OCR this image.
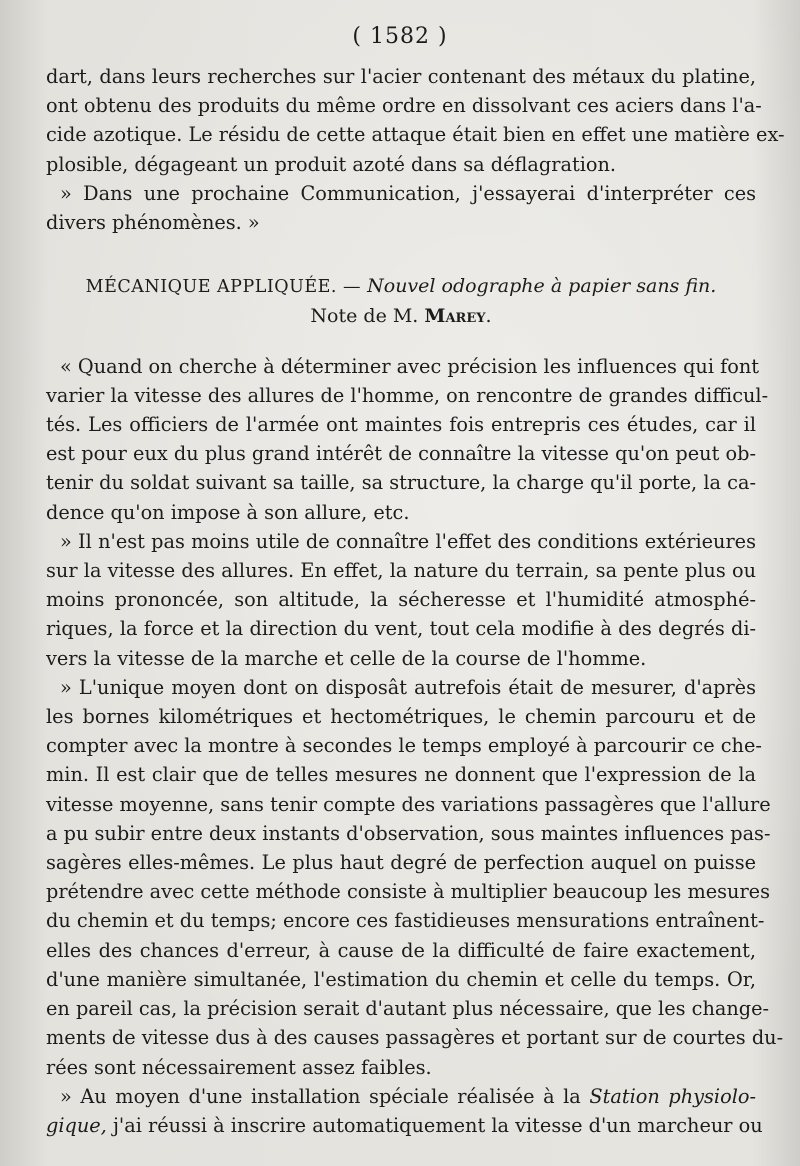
( 1582 )
dart, dans leurs recherches sur l'acier contenant des métaux du platine,
ont obtenu des produits du même ordre en dissolvant ces aciers dans l'a-
cide azotique. Le résidu de cette attaque était bien en effet une matière ex-
plosible, dégageant un produit azoté dans sa déflagration.
» Dans une prochaine Communication, j'essayerai d'interpréter ces
divers phénomènes. »
MÉCANIQUE APPLIQUÉE. — Nouvel odographe à papier sans fin.
Note de M. Marey.
« Quand on cherche à déterminer avec précision les influences qui font
varier la vitesse des allures de l'homme, on rencontre de grandes difficul-
tés. Les officiers de l'armée ont maintes fois entrepris ces études, car il
est pour eux du plus grand intérêt de connaître la vitesse qu'on peut ob-
tenir du soldat suivant sa taille, sa structure, la charge qu'il porte, la ca-
dence qu'on impose à son allure, etc.
» Il n'est pas moins utile de connaître l'effet des conditions extérieures
sur la vitesse des allures. En effet, la nature du terrain, sa pente plus ou
moins prononcée, son altitude, la sécheresse et l'humidité atmosphé-
riques, la force et la direction du vent, tout cela modifie à des degrés di-
vers la vitesse de la marche et celle de la course de l'homme.
» L'unique moyen dont on disposât autrefois était de mesurer, d'après
les bornes kilométriques et hectométriques, le chemin parcouru et de
compter avec la montre à secondes le temps employé à parcourir ce che-
min. Il est clair que de telles mesures ne donnent que l'expression de la
vitesse moyenne, sans tenir compte des variations passagères que l'allure
a pu subir entre deux instants d'observation, sous maintes influences pas-
sagères elles-mêmes. Le plus haut degré de perfection auquel on puisse
prétendre avec cette méthode consiste à multiplier beaucoup les mesures
du chemin et du temps; encore ces fastidieuses mensurations entraînent-
elles des chances d'erreur, à cause de la difficulté de faire exactement,
d'une manière simultanée, l'estimation du chemin et celle du temps. Or,
en pareil cas, la précision serait d'autant plus nécessaire, que les change-
ments de vitesse dus à des causes passagères et portant sur de courtes du-
rées sont nécessairement assez faibles.
» Au moyen d'une installation spéciale réalisée à la Station physiolo-
gique, j'ai réussi à inscrire automatiquement la vitesse d'un marcheur ou
